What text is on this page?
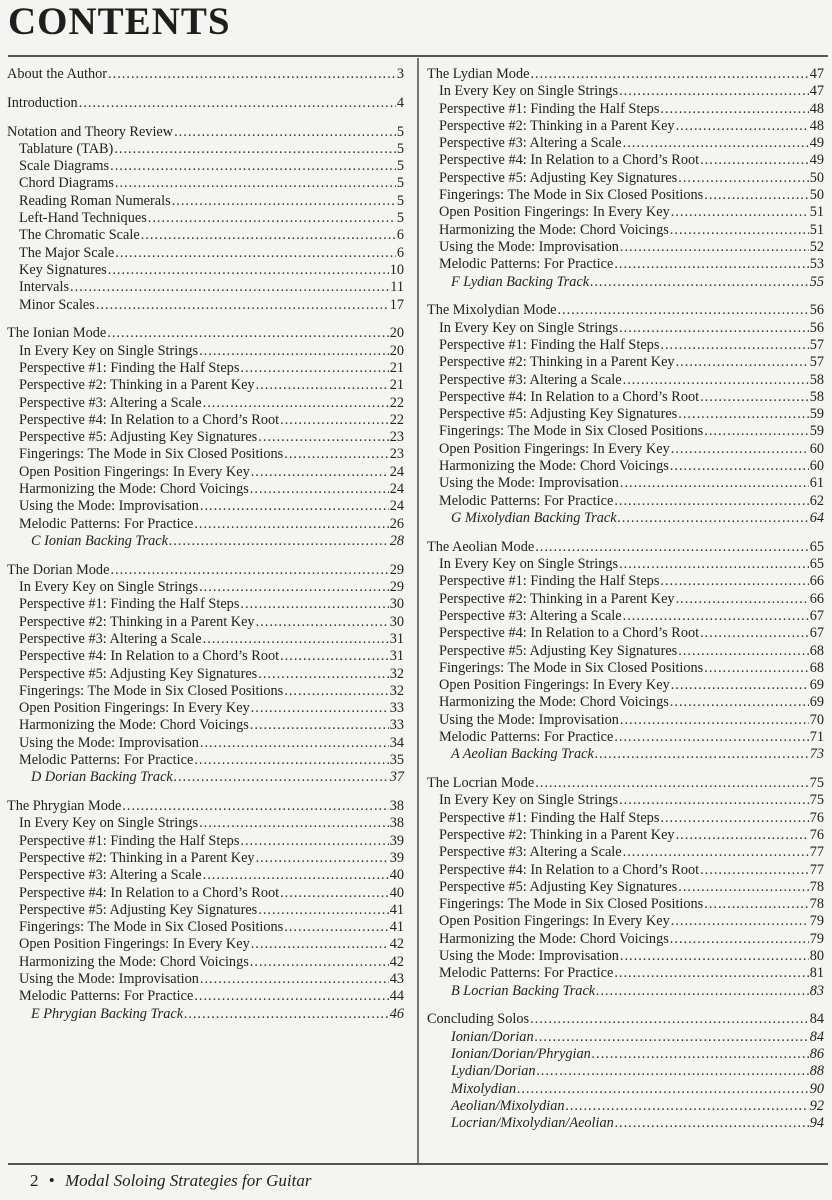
CONTENTS
About the Author .....	3
Introduction .....	4
Notation and Theory Review .....	5
Tablature (TAB) .....	5
Scale Diagrams .....	5
Chord Diagrams .....	5
Reading Roman Numerals .....	5
Left-Hand Techniques .....	5
The Chromatic Scale .....	6
The Major Scale .....	6
Key Signatures .....	10
Intervals .....	11
Minor Scales .....	17
The Ionian Mode .....	20
In Every Key on Single Strings .....	20
Perspective #1: Finding the Half Steps .....	21
Perspective #2: Thinking in a Parent Key .....	21
Perspective #3: Altering a Scale .....	22
Perspective #4: In Relation to a Chord’s Root .....	22
Perspective #5: Adjusting Key Signatures .....	23
Fingerings: The Mode in Six Closed Positions .....	23
Open Position Fingerings: In Every Key .....	24
Harmonizing the Mode: Chord Voicings .....	24
Using the Mode: Improvisation .....	24
Melodic Patterns: For Practice .....	26
C Ionian Backing Track .....	28
The Dorian Mode .....	29
In Every Key on Single Strings .....	29
Perspective #1: Finding the Half Steps .....	30
Perspective #2: Thinking in a Parent Key .....	30
Perspective #3: Altering a Scale .....	31
Perspective #4: In Relation to a Chord’s Root .....	31
Perspective #5: Adjusting Key Signatures .....	32
Fingerings: The Mode in Six Closed Positions .....	32
Open Position Fingerings: In Every Key .....	33
Harmonizing the Mode: Chord Voicings .....	33
Using the Mode: Improvisation .....	34
Melodic Patterns: For Practice .....	35
D Dorian Backing Track .....	37
The Phrygian Mode .....	38
In Every Key on Single Strings .....	38
Perspective #1: Finding the Half Steps .....	39
Perspective #2: Thinking in a Parent Key .....	39
Perspective #3: Altering a Scale .....	40
Perspective #4: In Relation to a Chord’s Root .....	40
Perspective #5: Adjusting Key Signatures .....	41
Fingerings: The Mode in Six Closed Positions .....	41
Open Position Fingerings: In Every Key .....	42
Harmonizing the Mode: Chord Voicings .....	42
Using the Mode: Improvisation .....	43
Melodic Patterns: For Practice .....	44
E Phrygian Backing Track .....	46
The Lydian Mode .....	47
In Every Key on Single Strings .....	47
Perspective #1: Finding the Half Steps .....	48
Perspective #2: Thinking in a Parent Key .....	48
Perspective #3: Altering a Scale .....	49
Perspective #4: In Relation to a Chord’s Root .....	49
Perspective #5: Adjusting Key Signatures .....	50
Fingerings: The Mode in Six Closed Positions .....	50
Open Position Fingerings: In Every Key .....	51
Harmonizing the Mode: Chord Voicings .....	51
Using the Mode: Improvisation .....	52
Melodic Patterns: For Practice .....	53
F Lydian Backing Track .....	55
The Mixolydian Mode .....	56
In Every Key on Single Strings .....	56
Perspective #1: Finding the Half Steps .....	57
Perspective #2: Thinking in a Parent Key .....	57
Perspective #3: Altering a Scale .....	58
Perspective #4: In Relation to a Chord’s Root .....	58
Perspective #5: Adjusting Key Signatures .....	59
Fingerings: The Mode in Six Closed Positions .....	59
Open Position Fingerings: In Every Key .....	60
Harmonizing the Mode: Chord Voicings .....	60
Using the Mode: Improvisation .....	61
Melodic Patterns: For Practice .....	62
G Mixolydian Backing Track .....	64
The Aeolian Mode .....	65
In Every Key on Single Strings .....	65
Perspective #1: Finding the Half Steps .....	66
Perspective #2: Thinking in a Parent Key .....	66
Perspective #3: Altering a Scale .....	67
Perspective #4: In Relation to a Chord’s Root .....	67
Perspective #5: Adjusting Key Signatures .....	68
Fingerings: The Mode in Six Closed Positions .....	68
Open Position Fingerings: In Every Key .....	69
Harmonizing the Mode: Chord Voicings .....	69
Using the Mode: Improvisation .....	70
Melodic Patterns: For Practice .....	71
A Aeolian Backing Track .....	73
The Locrian Mode .....	75
In Every Key on Single Strings .....	75
Perspective #1: Finding the Half Steps .....	76
Perspective #2: Thinking in a Parent Key .....	76
Perspective #3: Altering a Scale .....	77
Perspective #4: In Relation to a Chord’s Root .....	77
Perspective #5: Adjusting Key Signatures .....	78
Fingerings: The Mode in Six Closed Positions .....	78
Open Position Fingerings: In Every Key .....	79
Harmonizing the Mode: Chord Voicings .....	79
Using the Mode: Improvisation .....	80
Melodic Patterns: For Practice .....	81
B Locrian Backing Track .....	83
Concluding Solos .....	84
Ionian/Dorian .....	84
Ionian/Dorian/Phrygian .....	86
Lydian/Dorian .....	88
Mixolydian .....	90
Aeolian/Mixolydian .....	92
Locrian/Mixolydian/Aeolian .....	94
2 • Modal Soloing Strategies for Guitar
